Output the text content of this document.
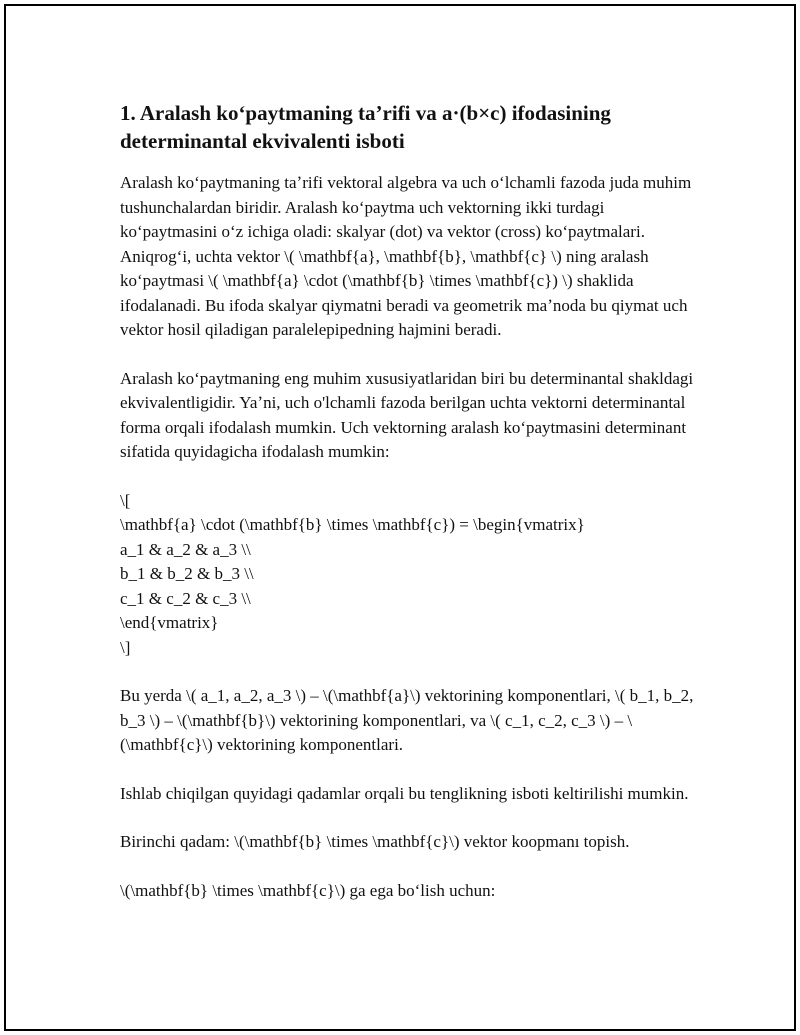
1. Aralash koʻpaytmaning taʼrifi va a·(b×c) ifodasining determinantal ekvivalenti isboti

Aralash koʻpaytmaning taʼrifi vektoral algebra va uch oʻlchamli fazoda juda muhim tushunchalardan biridir. Aralash koʻpaytma uch vektorning ikki turdagi koʻpaytmasini oʻz ichiga oladi: skalyar (dot) va vektor (cross) koʻpaytmalari. Aniqrogʻi, uchta vektor \( \mathbf{a}, \mathbf{b}, \mathbf{c} \) ning aralash koʻpaytmasi \( \mathbf{a} \cdot (\mathbf{b} \times \mathbf{c}) \) shaklida ifodalanadi. Bu ifoda skalyar qiymatni beradi va geometrik maʼnoda bu qiymat uch vektor hosil qiladigan paralelepipedning hajmini beradi.

Aralash koʻpaytmaning eng muhim xususiyatlaridan biri bu determinantal shakldagi ekvivalentligidir. Yaʼni, uch o'lchamli fazoda berilgan uchta vektorni determinantal forma orqali ifodalash mumkin. Uch vektorning aralash koʻpaytmasini determinant sifatida quyidagicha ifodalash mumkin:

\[
\mathbf{a} \cdot (\mathbf{b} \times \mathbf{c}) = \begin{vmatrix}
a_1 & a_2 & a_3 \\
b_1 & b_2 & b_3 \\
c_1 & c_2 & c_3 \\
\end{vmatrix}
\]

Bu yerda \( a_1, a_2, a_3 \) – \(\mathbf{a}\) vektorining komponentlari, \( b_1, b_2, b_3 \) – \(\mathbf{b}\) vektorining komponentlari, va \( c_1, c_2, c_3 \) – \(\mathbf{c}\) vektorining komponentlari.

Ishlab chiqilgan quyidagi qadamlar orqali bu tenglikning isboti keltirilishi mumkin.

Birinchi qadam: \(\mathbf{b} \times \mathbf{c}\) vektor koopmanı topish.

\(\mathbf{b} \times \mathbf{c}\) ga ega boʻlish uchun:
